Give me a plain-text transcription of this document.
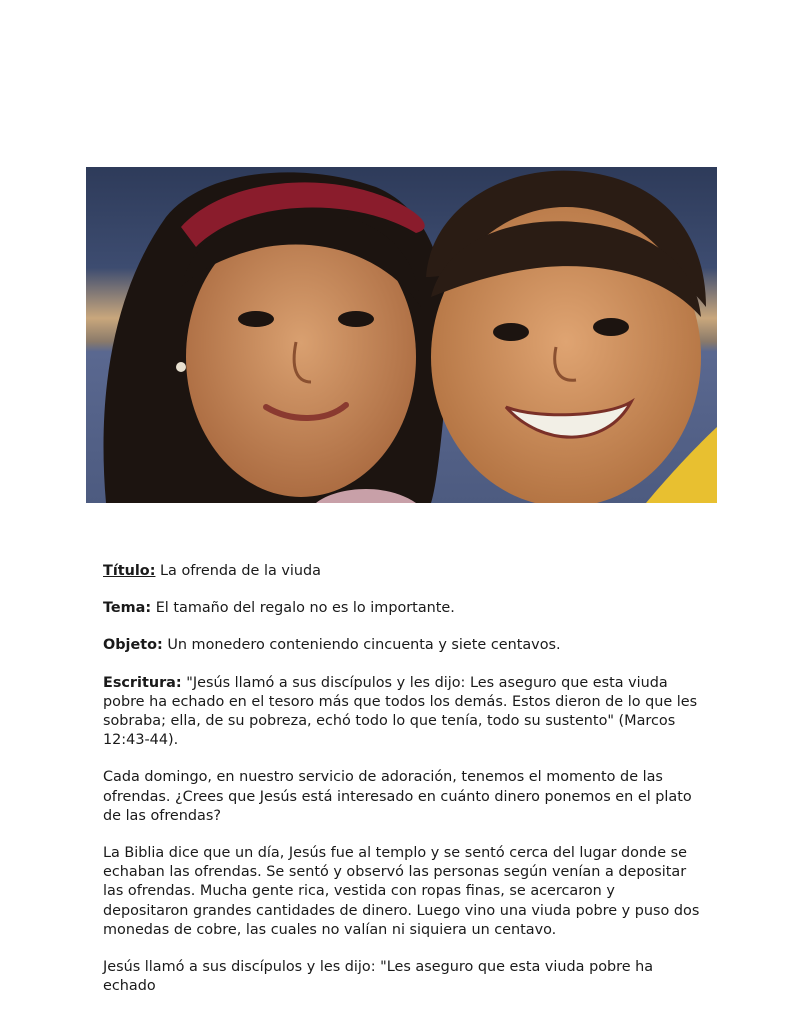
Título: La ofrenda de la viuda

Tema: El tamaño del regalo no es lo importante.

Objeto: Un monedero conteniendo cincuenta y siete centavos.

Escritura: "Jesús llamó a sus discípulos y les dijo: Les aseguro que esta viuda pobre ha echado en el tesoro más que todos los demás. Estos dieron de lo que les sobraba; ella, de su pobreza, echó todo lo que tenía, todo su sustento" (Marcos 12:43-44).

Cada domingo, en nuestro servicio de adoración, tenemos el momento de las ofrendas. ¿Crees que Jesús está interesado en cuánto dinero ponemos en el plato de las ofrendas?

La Biblia dice que un día, Jesús fue al templo y se sentó cerca del lugar donde se echaban las ofrendas. Se sentó y observó las personas según venían a depositar las ofrendas. Mucha gente rica, vestida con ropas finas, se acercaron y depositaron grandes cantidades de dinero. Luego vino una viuda pobre y puso dos monedas de cobre, las cuales no valían ni siquiera un centavo.

Jesús llamó a sus discípulos y les dijo: "Les aseguro que esta viuda pobre ha echado
